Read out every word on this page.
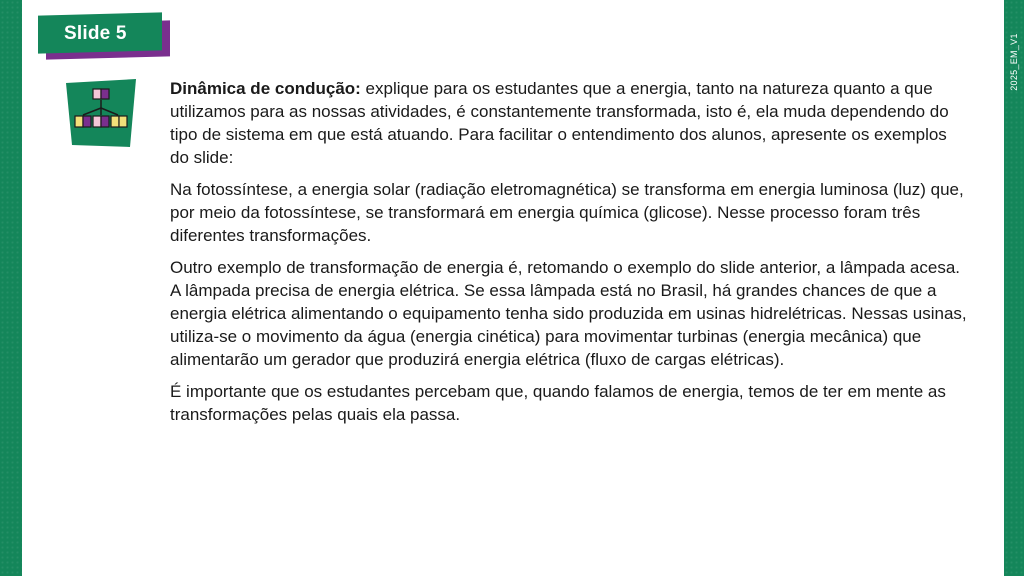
Slide 5	2025_EM_V1

Dinâmica de condução: explique para os estudantes que a energia, tanto na natureza quanto a que utilizamos para as nossas atividades, é constantemente transformada, isto é, ela muda dependendo do tipo de sistema em que está atuando. Para facilitar o entendimento dos alunos, apresente os exemplos do slide:

Na fotossíntese, a energia solar (radiação eletromagnética) se transforma em energia luminosa (luz) que, por meio da fotossíntese, se transformará em energia química (glicose). Nesse processo foram três diferentes transformações.

Outro exemplo de transformação de energia é, retomando o exemplo do slide anterior, a lâmpada acesa. A lâmpada precisa de energia elétrica. Se essa lâmpada está no Brasil, há grandes chances de que a energia elétrica alimentando o equipamento tenha sido produzida em usinas hidrelétricas. Nessas usinas, utiliza-se o movimento da água (energia cinética) para movimentar turbinas (energia mecânica) que alimentarão um gerador que produzirá energia elétrica (fluxo de cargas elétricas).

É importante que os estudantes percebam que, quando falamos de energia, temos de ter em mente as transformações pelas quais ela passa.
